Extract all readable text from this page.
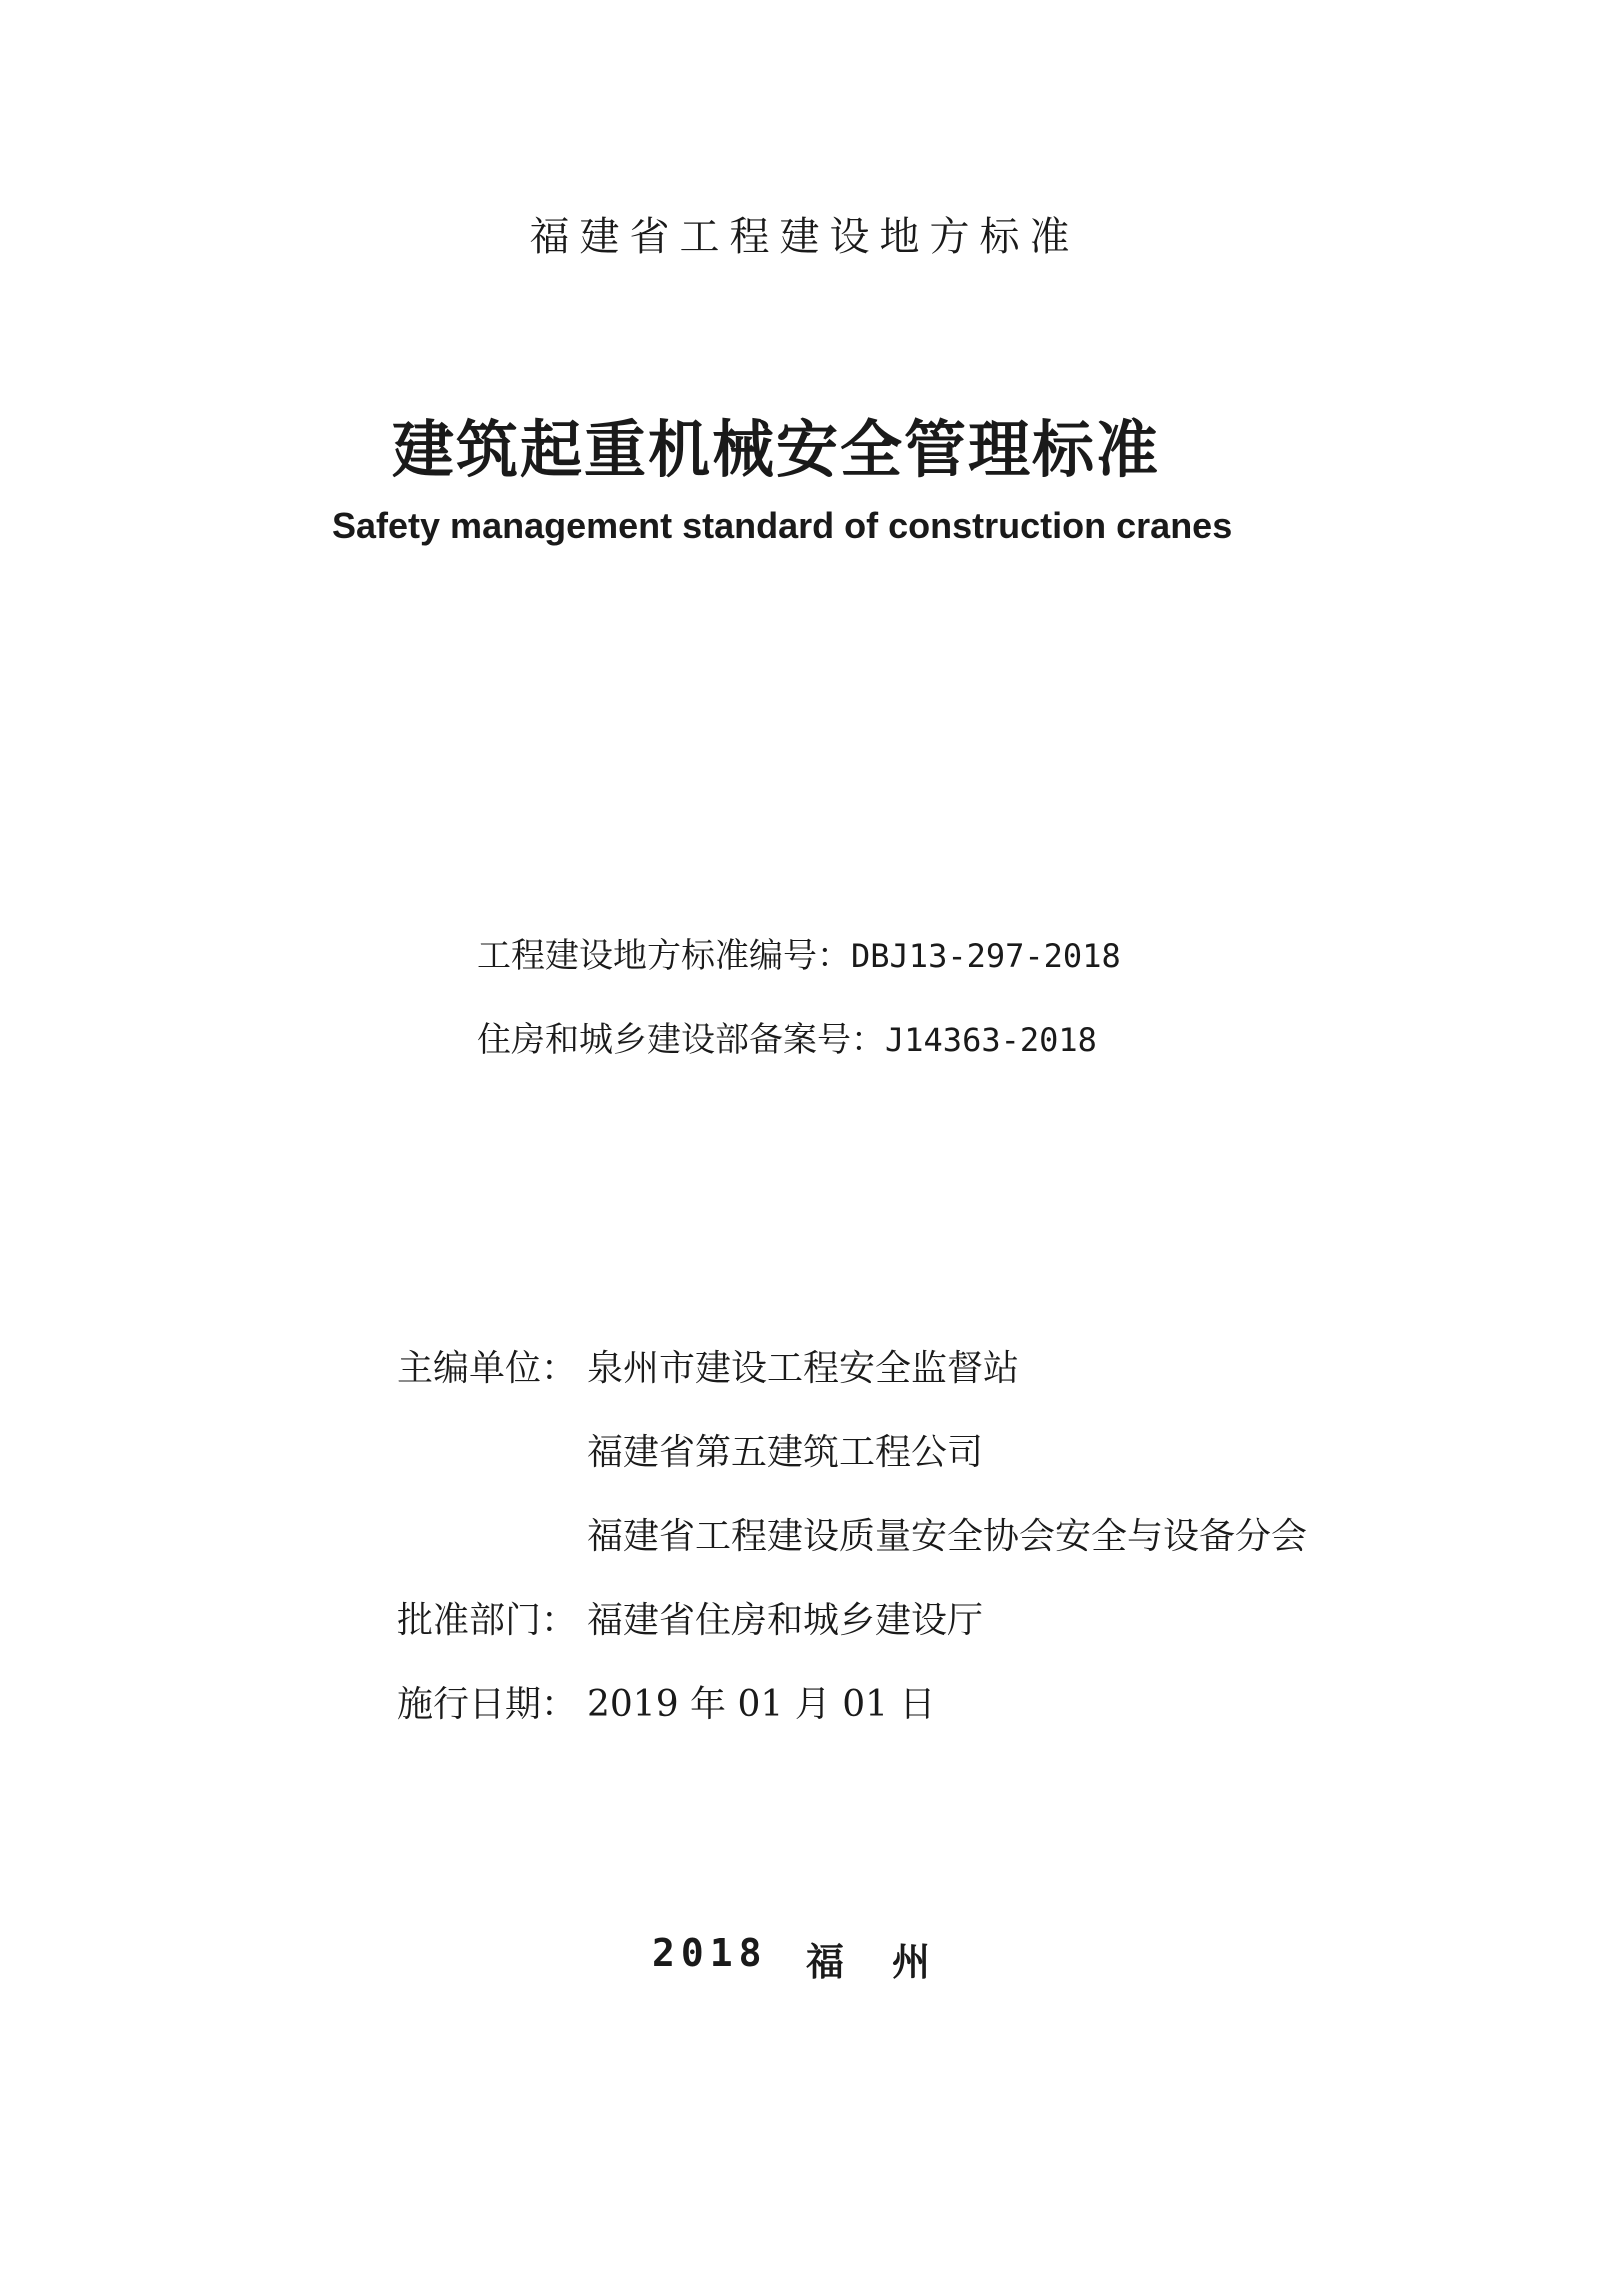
福建省工程建设地方标准
建筑起重机械安全管理标准
Safety management standard of construction cranes
工程建设地方标准编号：DBJ13-297-2018
住房和城乡建设部备案号：J14363-2018
主编单位： 泉州市建设工程安全监督站
福建省第五建筑工程公司
福建省工程建设质量安全协会安全与设备分会
批准部门： 福建省住房和城乡建设厅
施行日期： 2019 年 01 月 01 日
2018 福州
